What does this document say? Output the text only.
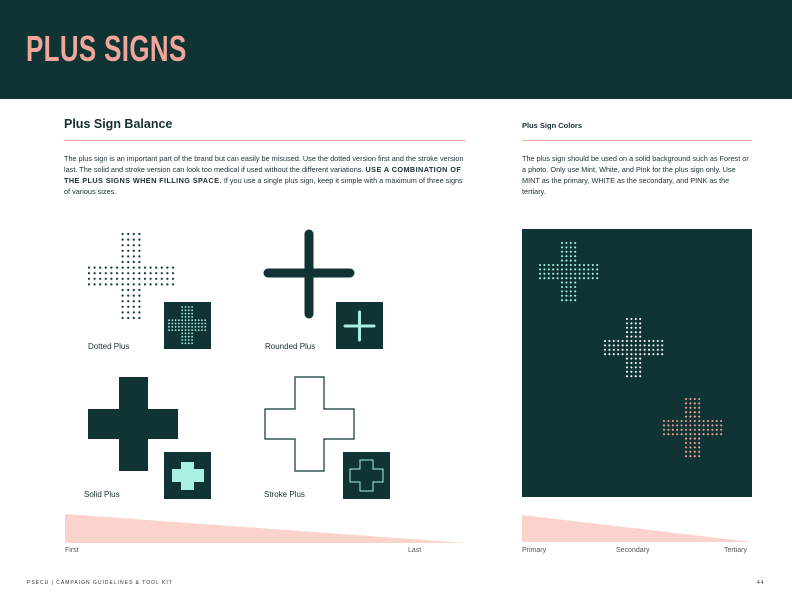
PLUS SIGNS
Plus Sign Balance
The plus sign is an important part of the brand but can easily be misused. Use the dotted version first and the stroke version last. The solid and stroke version can look too medical if used without the different variations. USE A COMBINATION OF THE PLUS SIGNS WHEN FILLING SPACE. If you use a single plus sign, keep it simple with a maximum of three signs of various sizes.
Plus Sign Colors
The plus sign should be used on a solid background such as Forest or a photo. Only use Mint, White, and Pink for the plus sign only. Use MINT as the primary, WHITE as the secondary, and PINK as the tertiary.
Dotted Plus	Rounded Plus
Solid Plus	Stroke Plus
First	Last	Primary	Secondary	Tertiary
PSECU | CAMPAIGN GUIDELINES & TOOL KIT	44
